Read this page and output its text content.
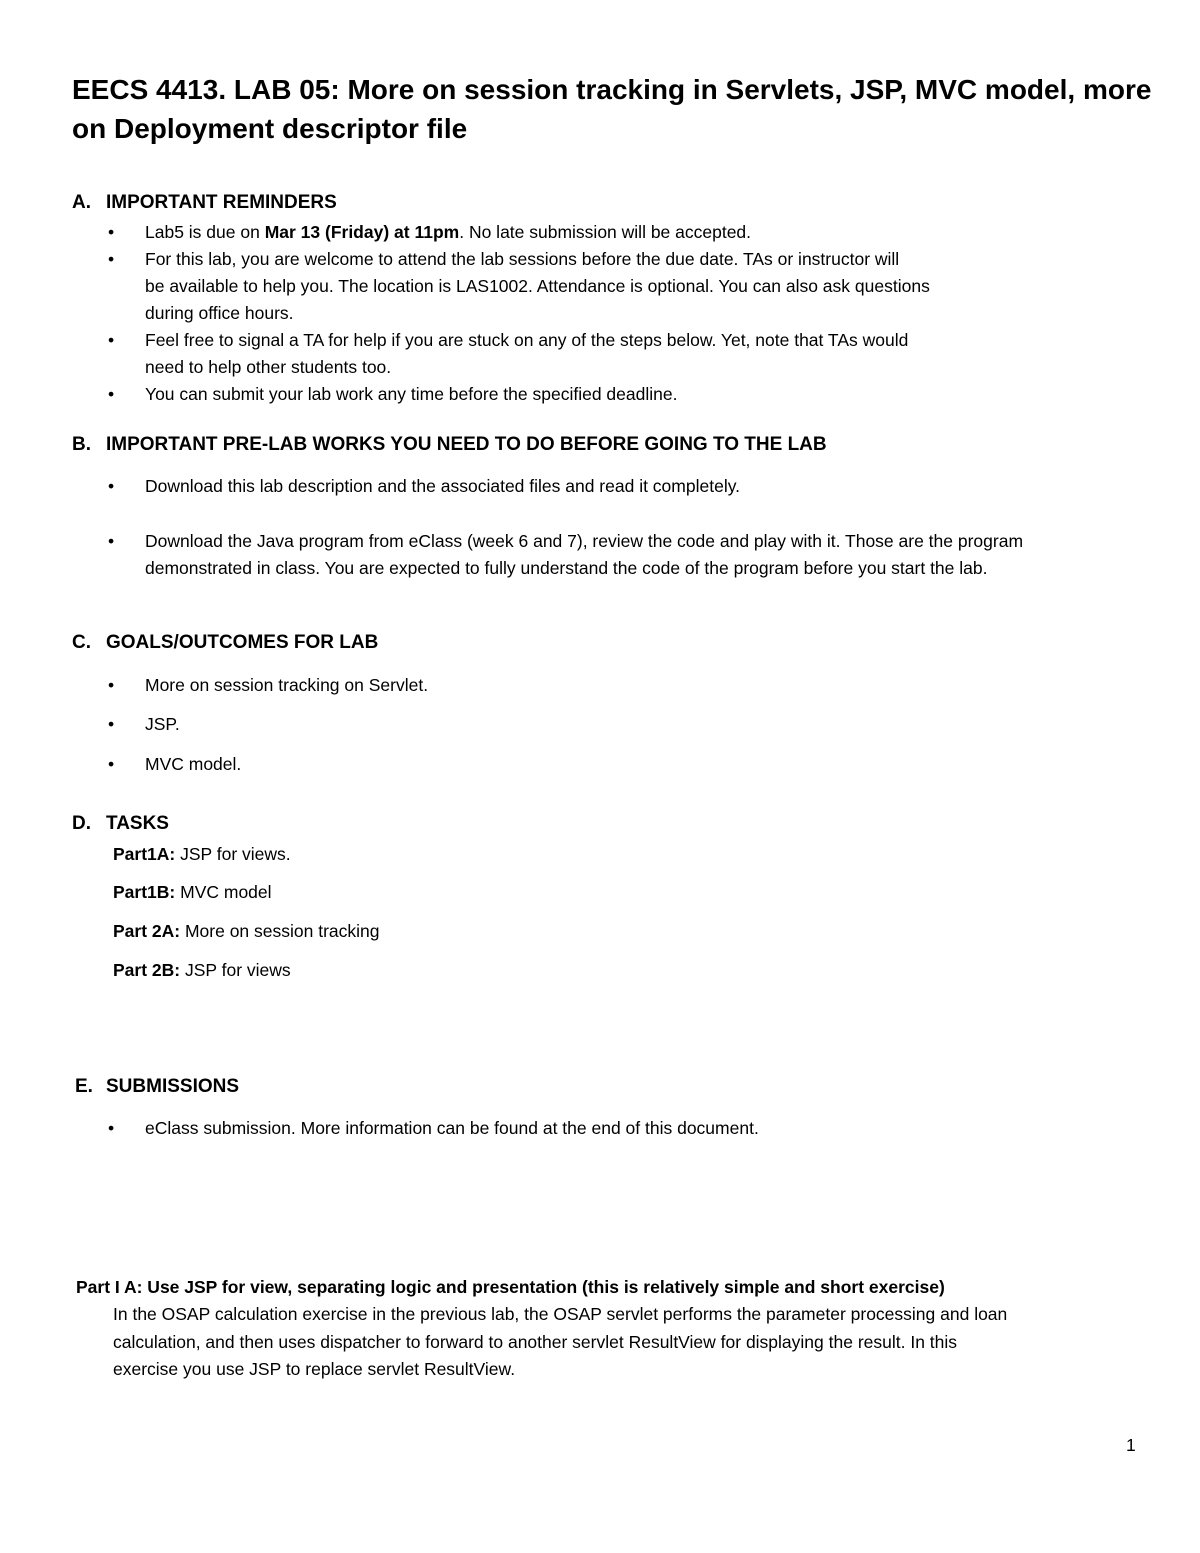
EECS 4413. LAB 05: More on session tracking in Servlets, JSP, MVC model, more on Deployment descriptor file
A. IMPORTANT REMINDERS
•	Lab5 is due on Mar 13 (Friday) at 11pm. No late submission will be accepted.
•	For this lab, you are welcome to attend the lab sessions before the due date. TAs or instructor will
be available to help you. The location is LAS1002. Attendance is optional. You can also ask questions
during office hours.
•	Feel free to signal a TA for help if you are stuck on any of the steps below. Yet, note that TAs would
need to help other students too.
•	You can submit your lab work any time before the specified deadline.
B. IMPORTANT PRE-LAB WORKS YOU NEED TO DO BEFORE GOING TO THE LAB
•	Download this lab description and the associated files and read it completely.
•	Download the Java program from eClass (week 6 and 7), review the code and play with it. Those are the program
demonstrated in class. You are expected to fully understand the code of the program before you start the lab.
C. GOALS/OUTCOMES FOR LAB
•	More on session tracking on Servlet.
•	JSP.
•	MVC model.
D. TASKS
Part1A: JSP for views.
Part1B: MVC model
Part 2A: More on session tracking
Part 2B: JSP for views
E. SUBMISSIONS
•	eClass submission. More information can be found at the end of this document.
Part I A: Use JSP for view, separating logic and presentation (this is relatively simple and short exercise)
In the OSAP calculation exercise in the previous lab, the OSAP servlet performs the parameter processing and loan
calculation, and then uses dispatcher to forward to another servlet ResultView for displaying the result. In this
exercise you use JSP to replace servlet ResultView.
1
